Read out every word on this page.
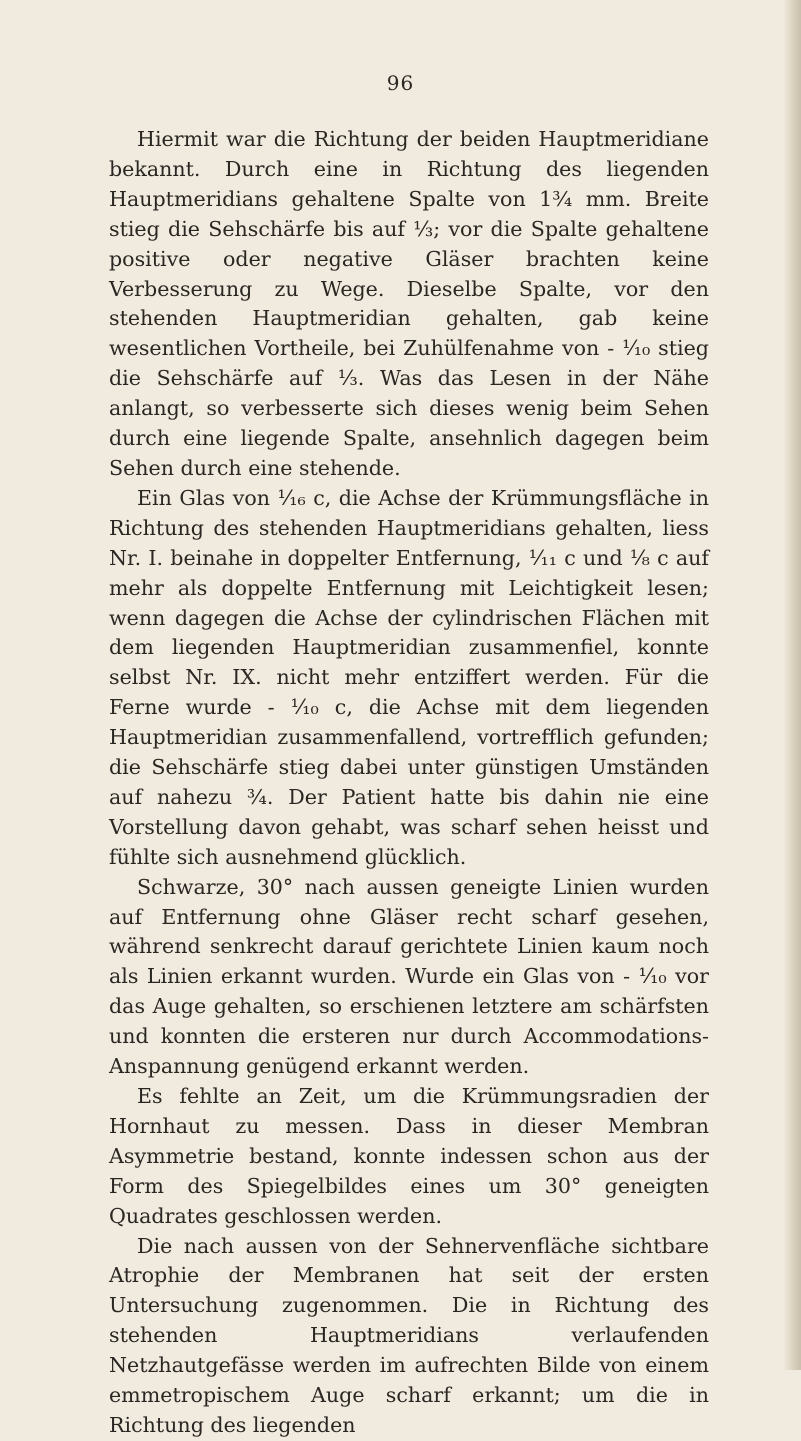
96

Hiermit war die Richtung der beiden Hauptmeridiane bekannt. Durch eine in Richtung des liegenden Hauptmeridians gehaltene Spalte von 1¾ mm. Breite stieg die Sehschärfe bis auf ⅓; vor die Spalte gehaltene positive oder negative Gläser brachten keine Verbesserung zu Wege. Dieselbe Spalte, vor den stehenden Hauptmeridian gehalten, gab keine wesentlichen Vortheile, bei Zuhülfenahme von - ¹⁄₁₀ stieg die Sehschärfe auf ¹⁄₃. Was das Lesen in der Nähe anlangt, so verbesserte sich dieses wenig beim Sehen durch eine liegende Spalte, ansehnlich dagegen beim Sehen durch eine stehende.

Ein Glas von ¹⁄₁₆ c, die Achse der Krümmungsfläche in Richtung des stehenden Hauptmeridians gehalten, liess Nr. I. beinahe in doppelter Entfernung, ¹⁄₁₁ c und ¹⁄₈ c auf mehr als doppelte Entfernung mit Leichtigkeit lesen; wenn dagegen die Achse der cylindrischen Flächen mit dem liegenden Hauptmeridian zusammenfiel, konnte selbst Nr. IX. nicht mehr entziffert werden. Für die Ferne wurde - ¹⁄₁₀ c, die Achse mit dem liegenden Hauptmeridian zusammenfallend, vortrefflich gefunden; die Sehschärfe stieg dabei unter günstigen Umständen auf nahezu ¾. Der Patient hatte bis dahin nie eine Vorstellung davon gehabt, was scharf sehen heisst und fühlte sich ausnehmend glücklich.

Schwarze, 30° nach aussen geneigte Linien wurden auf Entfernung ohne Gläser recht scharf gesehen, während senkrecht darauf gerichtete Linien kaum noch als Linien erkannt wurden. Wurde ein Glas von - ¹⁄₁₀ vor das Auge gehalten, so erschienen letztere am schärfsten und konnten die ersteren nur durch Accommodations-Anspannung genügend erkannt werden.

Es fehlte an Zeit, um die Krümmungsradien der Hornhaut zu messen. Dass in dieser Membran Asymmetrie bestand, konnte indessen schon aus der Form des Spiegelbildes eines um 30° geneigten Quadrates geschlossen werden.

Die nach aussen von der Sehnervenfläche sichtbare Atrophie der Membranen hat seit der ersten Untersuchung zugenommen. Die in Richtung des stehenden Hauptmeridians verlaufenden Netzhautgefässe werden im aufrechten Bilde von einem emmetropischem Auge scharf erkannt; um die in Richtung des liegenden
